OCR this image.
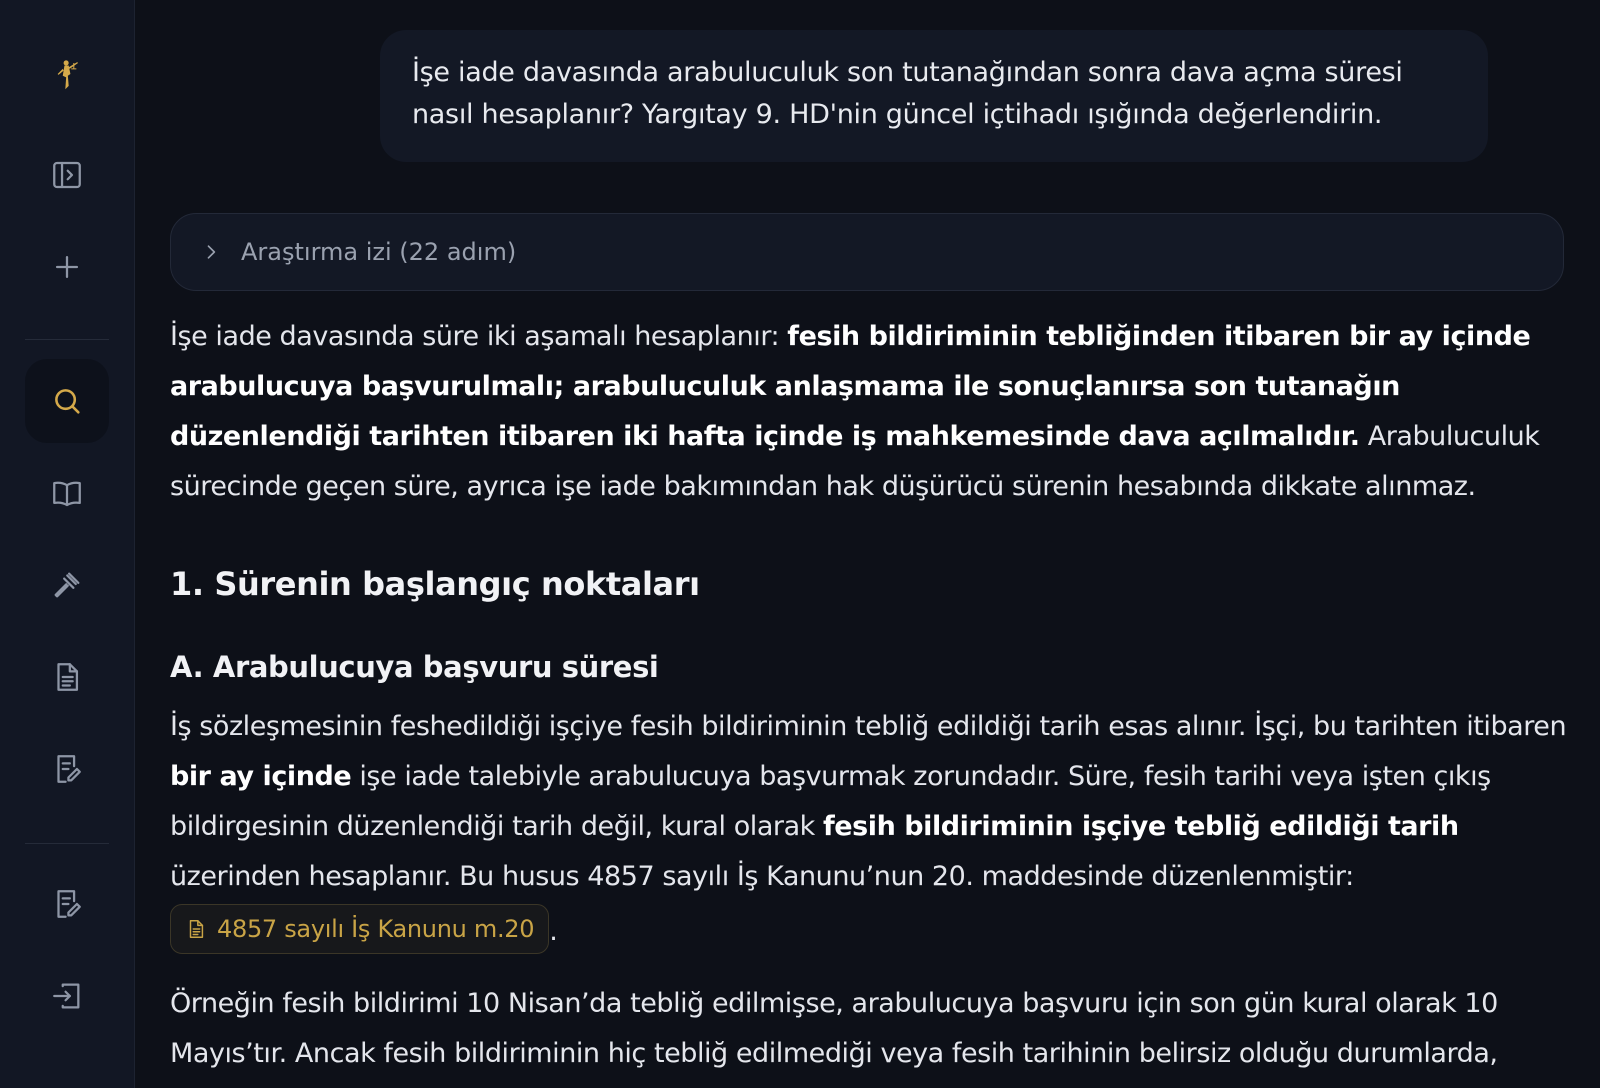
İşe iade davasında arabuluculuk son tutanağından sonra dava açma süresi nasıl hesaplanır? Yargıtay 9. HD'nin güncel içtihadı ışığında değerlendirin.
Araştırma izi (22 adım)

İşe iade davasında süre iki aşamalı hesaplanır: fesih bildiriminin tebliğinden itibaren bir ay içinde arabulucuya başvurulmalı; arabuluculuk anlaşmama ile sonuçlanırsa son tutanağın düzenlendiği tarihten itibaren iki hafta içinde iş mahkemesinde dava açılmalıdır. Arabuluculuk sürecinde geçen süre, ayrıca işe iade bakımından hak düşürücü sürenin hesabında dikkate alınmaz.

1. Sürenin başlangıç noktaları
A. Arabulucuya başvuru süresi

İş sözleşmesinin feshedildiği işçiye fesih bildiriminin tebliğ edildiği tarih esas alınır. İşçi, bu tarihten itibaren bir ay içinde işe iade talebiyle arabulucuya başvurmak zorundadır. Süre, fesih tarihi veya işten çıkış bildirgesinin düzenlendiği tarih değil, kural olarak fesih bildiriminin işçiye tebliğ edildiği tarih üzerinden hesaplanır. Bu husus 4857 sayılı İş Kanunu’nun 20. maddesinde düzenlenmiştir:

4857 sayılı İş Kanunu m.20 .

Örneğin fesih bildirimi 10 Nisan’da tebliğ edilmişse, arabulucuya başvuru için son gün kural olarak 10 Mayıs’tır. Ancak fesih bildiriminin hiç tebliğ edilmediği veya fesih tarihinin belirsiz olduğu durumlarda,
